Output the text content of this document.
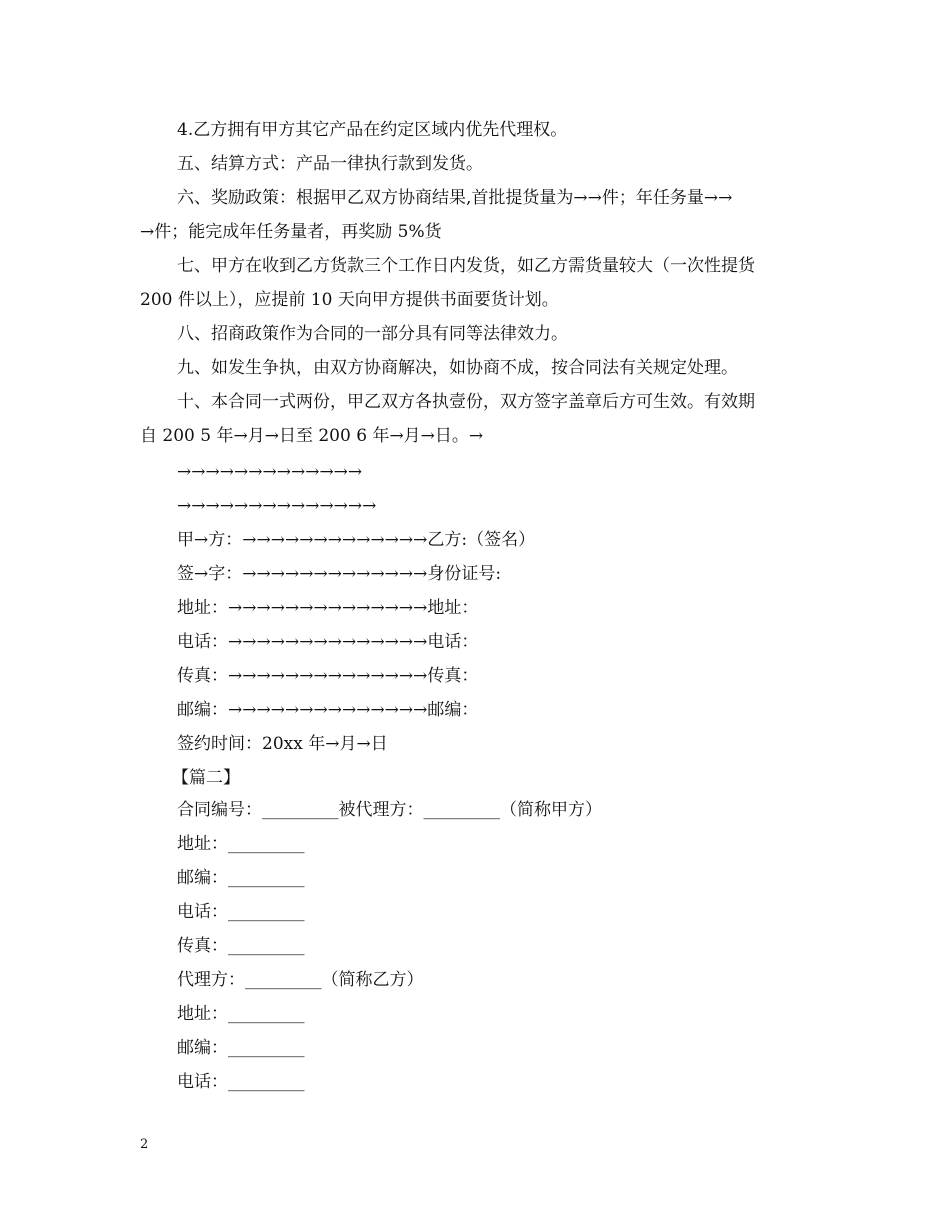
4.乙方拥有甲方其它产品在约定区域内优先代理权。
五、结算方式：产品一律执行款到发货。
六、奖励政策：根据甲乙双方协商结果,首批提货量为→→件；年任务量→→
→件；能完成年任务量者，再奖励 5%货
七、甲方在收到乙方货款三个工作日内发货，如乙方需货量较大（一次性提货
200 件以上），应提前 10 天向甲方提供书面要货计划。
八、招商政策作为合同的一部分具有同等法律效力。
九、如发生争执，由双方协商解决，如协商不成，按合同法有关规定处理。
十、本合同一式两份，甲乙双方各执壹份，双方签字盖章后方可生效。有效期
自 200 5 年→月→日至 200 6 年→月→日。→
→→→→→→→→→→→→→
→→→→→→→→→→→→→→
甲→方：→→→→→→→→→→→→→乙方:（签名）
签→字：→→→→→→→→→→→→→身份证号:
地址：→→→→→→→→→→→→→→地址：
电话：→→→→→→→→→→→→→→电话：
传真：→→→→→→→→→→→→→→传真：
邮编：→→→→→→→→→→→→→→邮编：
签约时间：20xx 年→月→日
【篇二】
合同编号：_________被代理方：_________（简称甲方）
地址：_________
邮编：_________
电话：_________
传真：_________
代理方：_________（简称乙方）
地址：_________
邮编：_________
电话：_________
2
